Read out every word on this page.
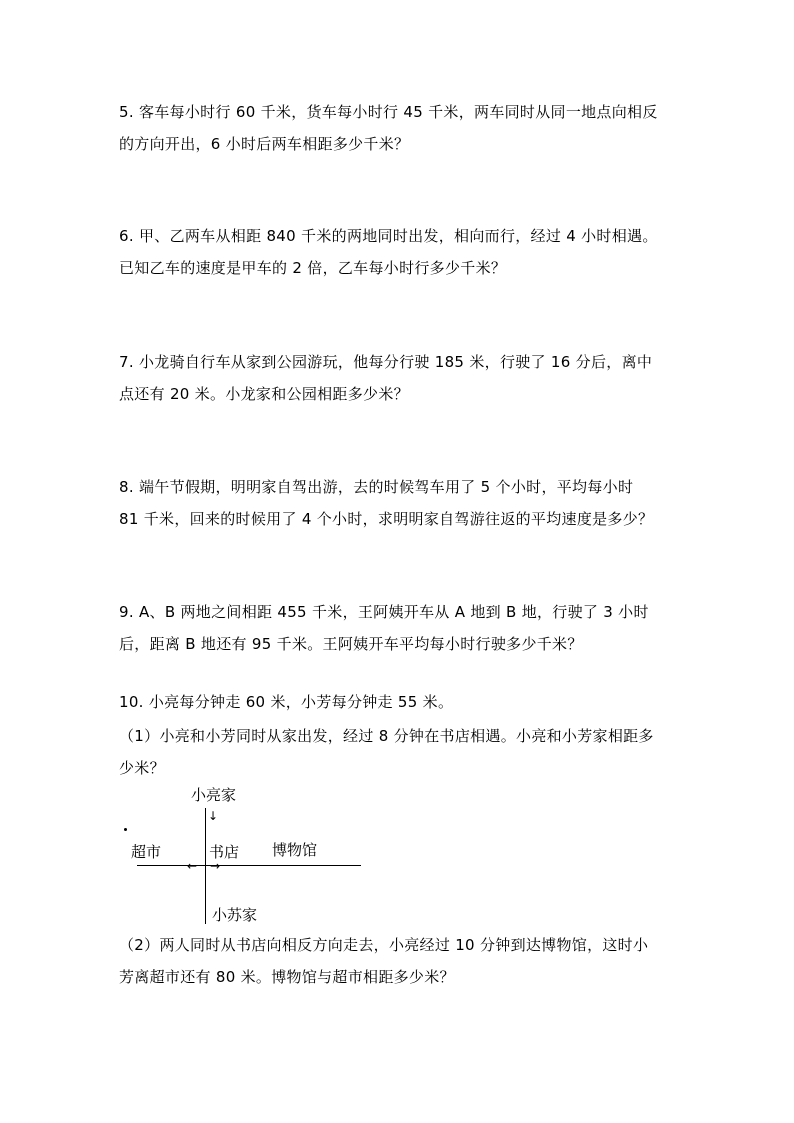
5. 客车每小时行 60 千米，货车每小时行 45 千米，两车同时从同一地点向相反
的方向开出，6 小时后两车相距多少千米？
6. 甲、乙两车从相距 840 千米的两地同时出发，相向而行，经过 4 小时相遇。
已知乙车的速度是甲车的 2 倍，乙车每小时行多少千米？
7. 小龙骑自行车从家到公园游玩，他每分行驶 185 米，行驶了 16 分后，离中
点还有 20 米。小龙家和公园相距多少米？
8. 端午节假期，明明家自驾出游，去的时候驾车用了 5 个小时，平均每小时
81 千米，回来的时候用了 4 个小时，求明明家自驾游往返的平均速度是多少？
9. A、B 两地之间相距 455 千米，王阿姨开车从 A 地到 B 地，行驶了 3 小时
后，距离 B 地还有 95 千米。王阿姨开车平均每小时行驶多少千米？
10. 小亮每分钟走 60 米，小芳每分钟走 55 米。
（1）小亮和小芳同时从家出发，经过 8 分钟在书店相遇。小亮和小芳家相距多
少米？
小亮家
↓
超市	书店 博物馆
← →
小苏家
（2）两人同时从书店向相反方向走去，小亮经过 10 分钟到达博物馆，这时小
芳离超市还有 80 米。博物馆与超市相距多少米？
